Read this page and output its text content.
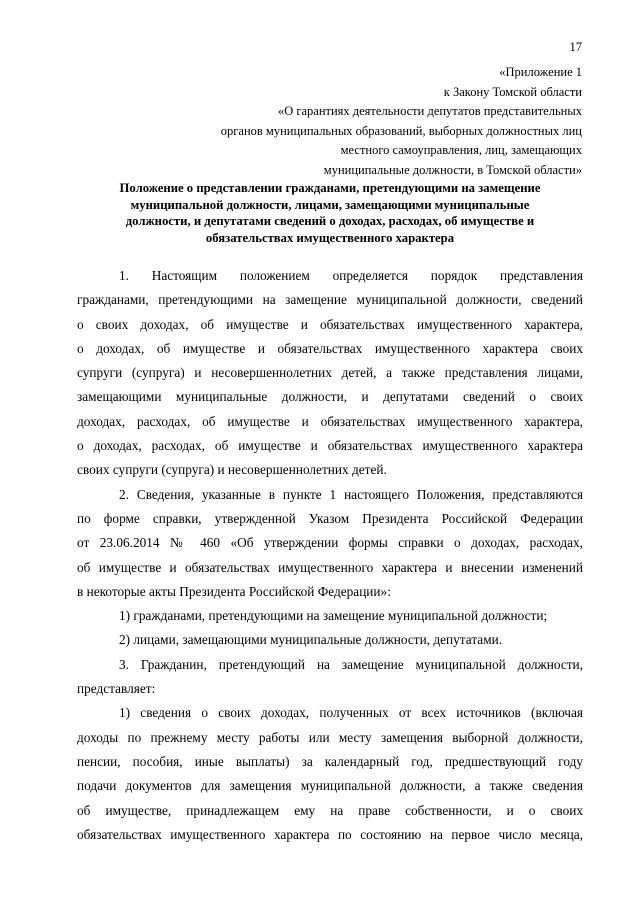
17
«Приложение 1
к Закону Томской области
«О гарантиях деятельности депутатов представительных
органов муниципальных образований, выборных должностных лиц
местного самоуправления, лиц, замещающих
муниципальные должности, в Томской области»
Положение о представлении гражданами, претендующими на замещение
муниципальной должности, лицами, замещающими муниципальные
должности, и депутатами сведений о доходах, расходах, об имуществе и
обязательствах имущественного характера

1. Настоящим положением определяется порядок представления
гражданами, претендующими на замещение муниципальной должности, сведений
о своих доходах, об имуществе и обязательствах имущественного характера,
о доходах, об имуществе и обязательствах имущественного характера своих
супруги (супруга) и несовершеннолетних детей, а также представления лицами,
замещающими муниципальные должности, и депутатами сведений о своих
доходах, расходах, об имуществе и обязательствах имущественного характера,
о доходах, расходах, об имуществе и обязательствах имущественного характера
своих супруги (супруга) и несовершеннолетних детей.

2. Сведения, указанные в пункте 1 настоящего Положения, представляются
по форме справки, утвержденной Указом Президента Российской Федерации
от 23.06.2014 № 460 «Об утверждении формы справки о доходах, расходах,
об имуществе и обязательствах имущественного характера и внесении изменений
в некоторые акты Президента Российской Федерации»:

1) гражданами, претендующими на замещение муниципальной должности;

2) лицами, замещающими муниципальные должности, депутатами.

3. Гражданин, претендующий на замещение муниципальной должности,
представляет:

1) сведения о своих доходах, полученных от всех источников (включая
доходы по прежнему месту работы или месту замещения выборной должности,
пенсии, пособия, иные выплаты) за календарный год, предшествующий году
подачи документов для замещения муниципальной должности, а также сведения
об имуществе, принадлежащем ему на праве собственности, и о своих
обязательствах имущественного характера по состоянию на первое число месяца,
